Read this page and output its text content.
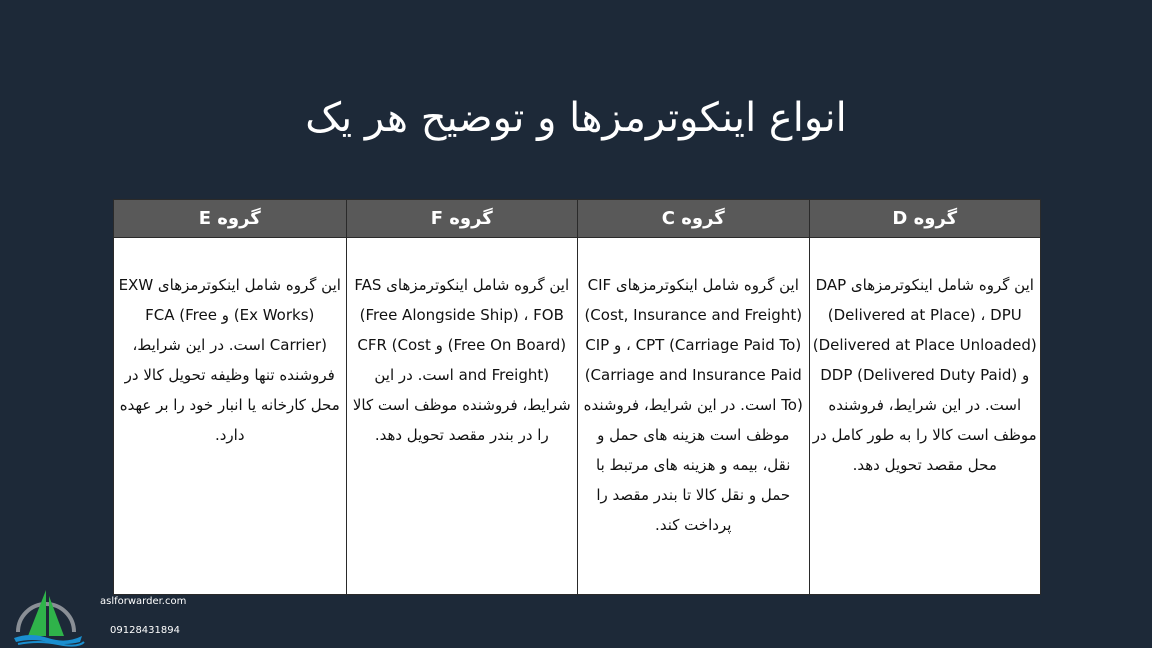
انواع اینکوترمزها و توضیح هر یک
گروه D
این گروه شامل اینکوترمزهای DAP (Delivered at Place) ، DPU (Delivered at Place Unloaded) و DDP (Delivered Duty Paid) است. در این شرایط، فروشنده موظف است کالا را به طور کامل در محل مقصد تحویل دهد.
گروه C
این گروه شامل اینکوترمزهای CIF (Cost, Insurance and Freight) ، CPT (Carriage Paid To) و CIP (Carriage and Insurance Paid To) است. در این شرایط، فروشنده موظف است هزینه های حمل و نقل، بیمه و هزینه های مرتبط با حمل و نقل کالا تا بندر مقصد را پرداخت کند.
گروه F
این گروه شامل اینکوترمزهای FAS (Free Alongside Ship) ، FOB (Free On Board) و CFR (Cost and Freight) است. در این شرایط، فروشنده موظف است کالا را در بندر مقصد تحویل دهد.
گروه E
این گروه شامل اینکوترمزهای EXW (Ex Works) و FCA (Free Carrier) است. در این شرایط، فروشنده تنها وظیفه تحویل کالا در محل کارخانه یا انبار خود را بر عهده دارد.
aslforwarder.com
09128431894
